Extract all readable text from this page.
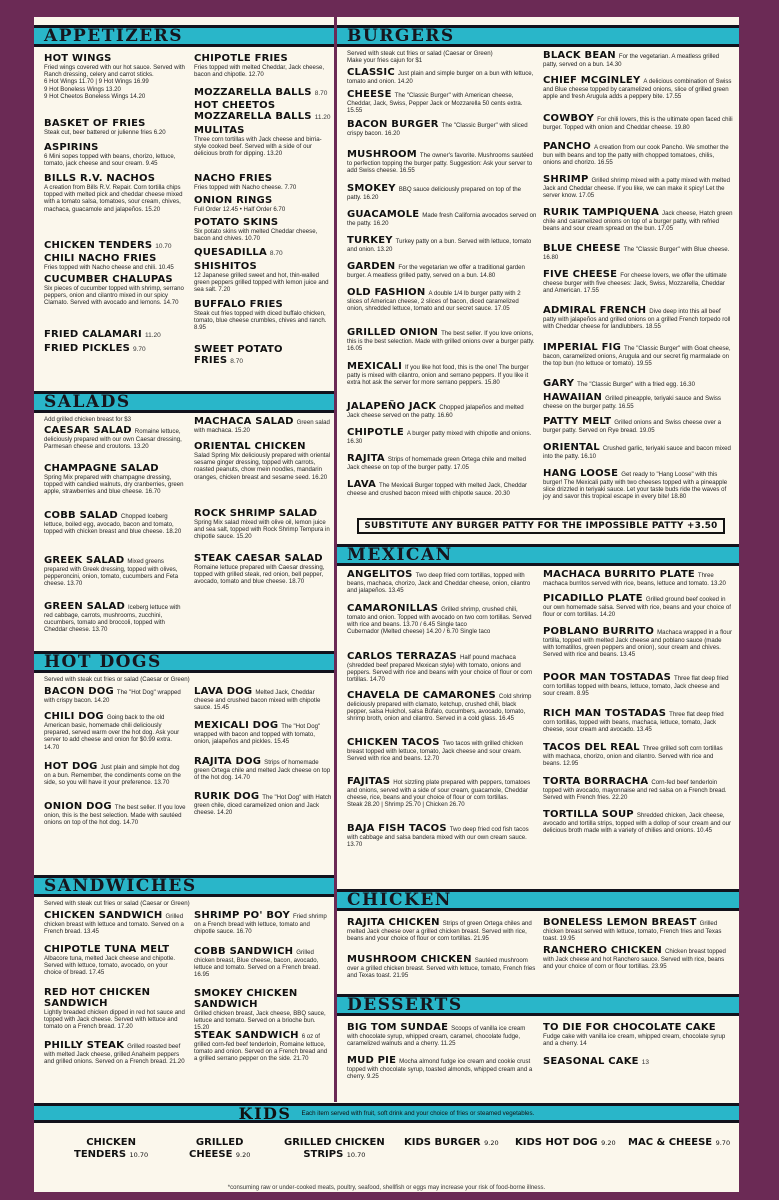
APPETIZERS
HOT WINGS
Fried wings covered with our hot sauce. Served with Ranch dressing, celery and carrot sticks.
6 Hot Wings 11.70 | 9 Hot Wings 16.99
9 Hot Boneless Wings 13.20
9 Hot Cheetos Boneless Wings 14.20
BASKET OF FRIES
Steak cut, beer battered or julienne fries 6.20
ASPIRINS
6 Mini sopes topped with beans, chorizo, lettuce, tomato, jack cheese and sour cream. 9.45
BILLS R.V. NACHOS
A creation from Bills R.V. Repair. Corn tortilla chips topped with melted pick and cheddar cheese mixed with a tomato salsa, tomatoes, sour cream, chives, machaca, guacamole and jalapeños. 15.20
CHICKEN TENDERS 10.70
CHILI NACHO FRIES
Fries topped with Nacho cheese and chili. 10.45
CUCUMBER CHALUPAS
Six pieces of cucumber topped with shrimp, serrano peppers, onion and cilantro mixed in our spicy Clamato. Served with avocado and lemons. 14.70
FRIED CALAMARI 11.20
FRIED PICKLES 9.70
CHIPOTLE FRIES
Fries topped with melted Cheddar, Jack cheese, bacon and chipotle. 12.70
MOZZARELLA BALLS 8.70
HOT CHEETOS MOZZARELLA BALLS 11.20
MULITAS
Three corn tortillas with Jack cheese and birria-style cooked beef. Served with a side of our delicious broth for dipping. 13.20
NACHO FRIES
Fries topped with Nacho cheese. 7.70
ONION RINGS
Full Order 12.45 • Half Order 6.70
POTATO SKINS
Six potato skins with melted Cheddar cheese, bacon and chives. 10.70
QUESADILLA 8.70
SHISHITOS
12 Japanese grilled sweet and hot, thin-walled green peppers grilled topped with lemon juice and sea salt. 7.20
BUFFALO FRIES
Steak cut fries topped with diced buffalo chicken, tomato, blue cheese crumbles, chives and ranch. 8.95
SWEET POTATO FRIES 8.70
SALADS
Add grilled chicken breast for $3
CAESAR SALAD Romaine lettuce, deliciously prepared with our own Caesar dressing, Parmesan cheese and croutons. 13.20
CHAMPAGNE SALAD
Spring Mix prepared with champagne dressing, topped with candied walnuts, dry cranberries, green apple, strawberries and blue cheese. 16.70
COBB SALAD Chopped Iceberg lettuce, boiled egg, avocado, bacon and tomato, topped with chicken breast and blue cheese. 18.20
GREEK SALAD Mixed greens prepared with Greek dressing, topped with olives, pepperoncini, onion, tomato, cucumbers and Feta cheese. 13.70
GREEN SALAD Iceberg lettuce with red cabbage, carrots, mushrooms, zucchini, cucumbers, tomato and broccoli, topped with Cheddar cheese. 13.70
MACHACA SALAD Green salad with machaca. 15.20
ORIENTAL CHICKEN
Salad Spring Mix deliciously prepared with oriental sesame ginger dressing, topped with carrots, roasted peanuts, chow mein noodles, mandarin oranges, chicken breast and sesame seed. 16.20
ROCK SHRIMP SALAD
Spring Mix salad mixed with olive oil, lemon juice and sea salt, topped with Rock Shrimp Tempura in chipotle sauce. 15.20
STEAK CAESAR SALAD
Romaine lettuce prepared with Caesar dressing, topped with grilled steak, red onion, bell pepper, avocado, tomato and blue cheese. 18.70
HOT DOGS
Served with steak cut fries or salad (Caesar or Green)
BACON DOG The "Hot Dog" wrapped with crispy bacon. 14.20
CHILI DOG Going back to the old American basic, homemade chili deliciously prepared, served warm over the hot dog. Ask your server to add cheese and onion for $0.99 extra. 14.70
HOT DOG Just plain and simple hot dog on a bun. Remember, the condiments come on the side, so you will have it your preference. 13.70
ONION DOG The best seller. If you love onion, this is the best selection. Made with sautéed onions on top of the hot dog. 14.70
LAVA DOG Melted Jack, Cheddar cheese and crushed bacon mixed with chipotle sauce. 15.45
MEXICALI DOG The "Hot Dog" wrapped with bacon and topped with tomato, onion, jalapeños and pickles. 15.45
RAJITA DOG Strips of homemade green Ortega chile and melted Jack cheese on top of the hot dog. 14.70
RURIK DOG The "Hot Dog" with Hatch green chile, diced caramelized onion and Jack cheese. 14.20
SANDWICHES
Served with steak cut fries or salad (Caesar or Green)
CHICKEN SANDWICH Grilled chicken breast with lettuce and tomato. Served on a French bread. 13.45
CHIPOTLE TUNA MELT
Albacore tuna, melted Jack cheese and chipotle. Served with lettuce, tomato, avocado, on your choice of bread. 17.45
RED HOT CHICKEN SANDWICH
Lightly breaded chicken dipped in red hot sauce and topped with Jack cheese. Served with lettuce and tomato on a French bread. 17.20
PHILLY STEAK Grilled roasted beef with melted Jack cheese, grilled Anaheim peppers and grilled onions. Served on a French bread. 21.20
SHRIMP PO' BOY Fried shrimp on a French bread with lettuce, tomato and chipotle sauce. 16.70
COBB SANDWICH Grilled chicken breast, Blue cheese, bacon, avocado, lettuce and tomato. Served on a French bread. 16.95
SMOKEY CHICKEN SANDWICH
Grilled chicken breast, Jack cheese, BBQ sauce, lettuce and tomato. Served on a brioche bun. 15.20
STEAK SANDWICH 6 oz of grilled corn-fed beef tenderloin, Romaine lettuce, tomato and onion. Served on a French bread and a grilled serrano pepper on the side. 21.70
BURGERS
Served with steak cut fries or salad (Caesar or Green)
Make your fries cajun for $1
CLASSIC Just plain and simple burger on a bun with lettuce, tomato and onion. 14.20
CHEESE The "Classic Burger" with American cheese, Cheddar, Jack, Swiss, Pepper Jack or Mozzarella 50 cents extra. 15.55
BACON BURGER The "Classic Burger" with sliced crispy bacon. 16.20
MUSHROOM The owner's favorite. Mushrooms sautéed to perfection topping the burger patty. Suggestion: Ask your server to add Swiss cheese. 16.55
SMOKEY BBQ sauce deliciously prepared on top of the patty. 16.20
GUACAMOLE Made fresh California avocados served on the patty. 16.20
TURKEY Turkey patty on a bun. Served with lettuce, tomato and onion. 13.20
GARDEN For the vegetarian we offer a traditional garden burger. A meatless grilled patty, served on a bun. 14.80
OLD FASHION A double 1/4 lb burger patty with 2 slices of American cheese, 2 slices of bacon, diced caramelized onion, shredded lettuce, tomato and our secret sauce. 17.05
GRILLED ONION The best seller. If you love onions, this is the best selection. Made with grilled onions over a burger patty. 16.05
MEXICALI If you like hot food, this is the one! The burger patty is mixed with cilantro, onion and serrano peppers. If you like it extra hot ask the server for more serrano peppers. 15.80
JALAPEÑO JACK Chopped jalapeños and melted Jack cheese served on the patty. 16.60
CHIPOTLE A burger patty mixed with chipotle and onions. 16.30
RAJITA Strips of homemade green Ortega chile and melted Jack cheese on top of the burger patty. 17.05
LAVA The Mexicali Burger topped with melted Jack, Cheddar cheese and crushed bacon mixed with chipotle sauce. 20.30
BLACK BEAN For the vegetarian. A meatless grilled patty, served on a bun. 14.30
CHIEF MCGINLEY A delicious combination of Swiss and Blue cheese topped by caramelized onions, slice of grilled green apple and fresh Arugula adds a peppery bite. 17.55
COWBOY For chili lovers, this is the ultimate open faced chili burger. Topped with onion and Cheddar cheese. 19.80
PANCHO A creation from our cook Pancho. We smother the bun with beans and top the patty with chopped tomatoes, chilis, onions and chorizo. 16.55
SHRIMP Grilled shrimp mixed with a patty mixed with melted Jack and Cheddar cheese. If you like, we can make it spicy! Let the server know. 17.05
RURIK TAMPIQUENA Jack cheese, Hatch green chile and caramelized onions on top of a burger patty, with refried beans and sour cream spread on the bun. 17.05
BLUE CHEESE The "Classic Burger" with Blue cheese. 16.80
FIVE CHEESE For cheese lovers, we offer the ultimate cheese burger with five cheeses: Jack, Swiss, Mozzarella, Cheddar and American. 17.55
ADMIRAL FRENCH Dive deep into this all beef patty with jalapeños and grilled onions on a grilled French torpedo roll with Cheddar cheese for landlubbers. 18.55
IMPERIAL FIG The "Classic Burger" with Goat cheese, bacon, caramelized onions, Arugula and our secret fig marmalade on the top bun (no lettuce or tomato). 19.55
GARY The "Classic Burger" with a fried egg. 16.30
HAWAIIAN Grilled pineapple, teriyaki sauce and Swiss cheese on the burger patty. 16.55
PATTY MELT Grilled onions and Swiss cheese over a burger patty. Served on Rye bread. 19.05
ORIENTAL Crushed garlic, teriyaki sauce and bacon mixed into the patty. 16.10
HANG LOOSE Get ready to "Hang Loose" with this burger! The Mexicali patty with two cheeses topped with a pineapple slice drizzled in teriyaki sauce. Let your taste buds ride the waves of joy and savor this tropical escape in every bite! 18.80
SUBSTITUTE ANY BURGER PATTY FOR THE IMPOSSIBLE PATTY +3.50
MEXICAN
ANGELITOS Two deep fried corn tortillas, topped with beans, machaca, chorizo, Jack and Cheddar cheese, onion, cilantro and jalapeños. 13.45
CAMARONILLAS Grilled shrimp, crushed chili, tomato and onion. Topped with avocado on two corn tortillas. Served with rice and beans. 13.70 / 6.45 Single taco
Cubernador (Melted cheese) 14.20 / 6.70 Single taco
CARLOS TERRAZAS Half pound machaca (shredded beef prepared Mexican style) with tomato, onions and peppers. Served with rice and beans with your choice of flour or corn tortillas. 14.70
CHAVELA DE CAMARONES Cold shrimp deliciously prepared with clamato, ketchup, crushed chili, black pepper, salsa Huichol, salsa Búfalo, cucumbers, avocado, tomato, shrimp broth, onion and cilantro. Served in a cold glass. 16.45
CHICKEN TACOS Two tacos with grilled chicken breast topped with lettuce, tomato, Jack cheese and sour cream. Served with rice and beans. 12.70
FAJITAS Hot sizzling plate prepared with peppers, tomatoes and onions, served with a side of sour cream, guacamole, Cheddar cheese, rice, beans and your choice of flour or corn tortillas.
Steak 28.20 | Shrimp 25.70 | Chicken 26.70
BAJA FISH TACOS Two deep fried cod fish tacos with cabbage and salsa bandera mixed with our own cream sauce. 13.70
MACHACA BURRITO PLATE Three machaca burritos served with rice, beans, lettuce and tomato. 13.20
PICADILLO PLATE Grilled ground beef cooked in our own homemade salsa. Served with rice, beans and your choice of flour or corn tortillas. 14.20
POBLANO BURRITO Machaca wrapped in a flour tortilla, topped with melted Jack cheese and poblano sauce (made with tomatillos, green peppers and onion), sour cream and chives. Served with rice and beans. 13.45
POOR MAN TOSTADAS Three flat deep fried corn tortillas topped with beans, lettuce, tomato, Jack cheese and sour cream. 8.95
RICH MAN TOSTADAS Three flat deep fried corn tortillas, topped with beans, machaca, lettuce, tomato, Jack cheese, sour cream and avocado. 13.45
TACOS DEL REAL Three grilled soft corn tortillas with machaca, chorizo, onion and cilantro. Served with rice and beans. 12.95
TORTA BORRACHA Corn-fed beef tenderloin topped with avocado, mayonnaise and red salsa on a French bread. Served with French fries. 22.20
TORTILLA SOUP Shredded chicken, Jack cheese, avocado and tortilla strips, topped with a dollop of sour cream and our delicious broth made with a variety of chilies and onions. 10.45
CHICKEN
RAJITA CHICKEN Strips of green Ortega chiles and melted Jack cheese over a grilled chicken breast. Served with rice, beans and your choice of flour or corn tortillas. 21.95
MUSHROOM CHICKEN Sautéed mushroom over a grilled chicken breast. Served with lettuce, tomato, French fries and Texas toast. 21.95
BONELESS LEMON BREAST Grilled chicken breast served with lettuce, tomato, French fries and Texas toast. 19.95
RANCHERO CHICKEN Chicken breast topped with Jack cheese and hot Ranchero sauce. Served with rice, beans and your choice of corn or flour tortillas. 23.95
DESSERTS
BIG TOM SUNDAE Scoops of vanilla ice cream with chocolate syrup, whipped cream, caramel, chocolate fudge, caramelized walnuts and a cherry. 11.25
MUD PIE Mocha almond fudge ice cream and cookie crust topped with chocolate syrup, toasted almonds, whipped cream and a cherry. 9.25
TO DIE FOR CHOCOLATE CAKE
Fudge cake with vanilla ice cream, whipped cream, chocolate syrup and a cherry. 14
SEASONAL CAKE 13
KIDS Each item served with fruit, soft drink and your choice of fries or steamed vegetables.
CHICKEN
TENDERS 10.70
GRILLED
CHEESE 9.20
GRILLED CHICKEN
STRIPS 10.70
KIDS BURGER 9.20 KIDS HOT DOG 9.20 MAC & CHEESE 9.70
*consuming raw or under-cooked meats, poultry, seafood, shellfish or eggs may increase your risk of food-borne illness.
